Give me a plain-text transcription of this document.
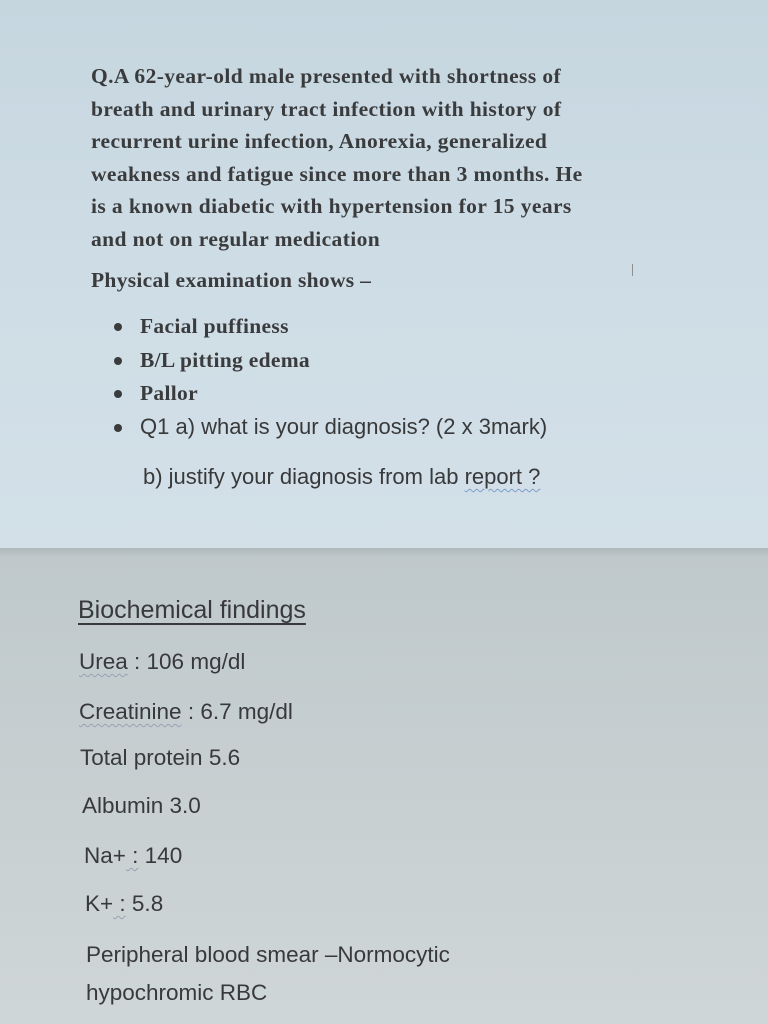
Q.A 62-year-old male presented with shortness of
breath and urinary tract infection with history of
recurrent urine infection, Anorexia, generalized
weakness and fatigue since more than 3 months. He
is a known diabetic with hypertension for 15 years
and not on regular medication

Physical examination shows –

Facial puffiness
B/L pitting edema
Pallor
Q1 a) what is your diagnosis? (2 x 3mark)
b) justify your diagnosis from lab report ?
Biochemical findings

Urea : 106 mg/dl

Creatinine : 6.7 mg/dl

Total protein 5.6

Albumin 3.0

Na+ : 140

K+ : 5.8

Peripheral blood smear –Normocytic
hypochromic RBC
